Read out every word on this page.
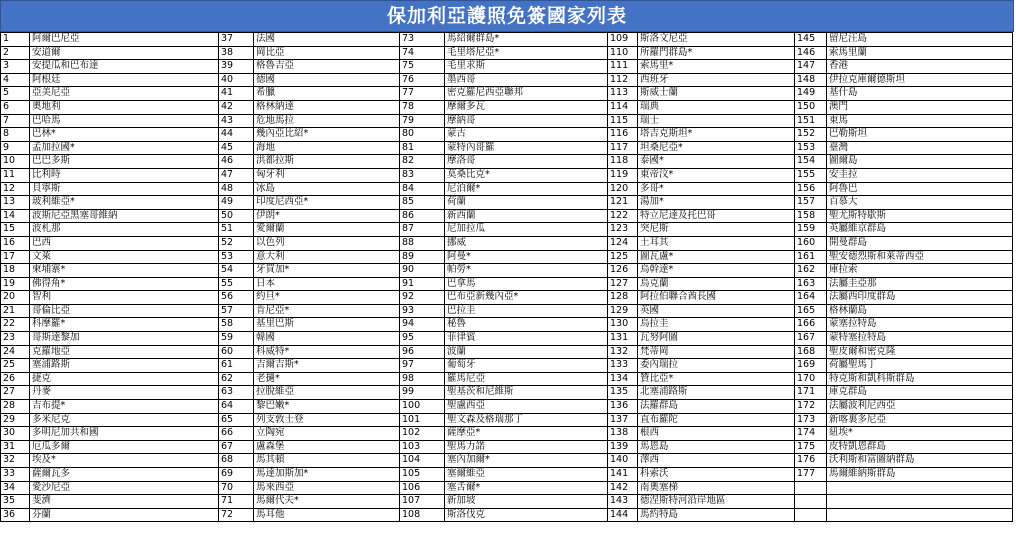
保加利亞護照免簽國家列表
1	阿爾巴尼亞	37	法國	73	馬紹爾群島*	109	斯洛文尼亞	145	留尼汪島
2	安道爾	38	岡比亞	74	毛里塔尼亞*	110	所羅門群島*	146	索馬里蘭
3	安提瓜和巴布達	39	格魯吉亞	75	毛里求斯	111	索馬里*	147	香港
4	阿根廷	40	德國	76	墨西哥	112	西班牙	148	伊拉克庫爾德斯坦
5	亞美尼亞	41	希臘	77	密克羅尼西亞聯邦	113	斯威士蘭	149	基什島
6	奧地利	42	格林納達	78	摩爾多瓦	114	瑞典	150	澳門
7	巴哈馬	43	危地馬拉	79	摩納哥	115	瑞士	151	東馬
8	巴林*	44	幾內亞比紹*	80	蒙古	116	塔吉克斯坦*	152	巴勒斯坦
9	孟加拉國*	45	海地	81	蒙特內哥羅	117	坦桑尼亞*	153	臺灣
10	巴巴多斯	46	洪都拉斯	82	摩洛哥	118	泰國*	154	圖爾島
11	比利時	47	匈牙利	83	莫桑比克*	119	東帝汶*	155	安圭拉
12	貝寧斯	48	冰島	84	尼泊爾*	120	多哥*	156	阿魯巴
13	玻利維亞*	49	印度尼西亞*	85	荷蘭	121	湯加*	157	百慕大
14	波斯尼亞黑塞哥維納	50	伊朗*	86	新西蘭	122	特立尼達及托巴哥	158	聖尤斯特歇斯
15	波札那	51	愛爾蘭	87	尼加拉瓜	123	突尼斯	159	英屬維京群島
16	巴西	52	以色列	88	挪威	124	土耳其	160	開曼群島
17	文萊	53	意大利	89	阿曼*	125	圖瓦盧*	161	聖安德烈斯和萊蒂西亞
18	柬埔寨*	54	牙買加*	90	帕勞*	126	烏幹達*	162	庫拉索
19	佛得角*	55	日本	91	巴拿馬	127	烏克蘭	163	法屬圭亞那
20	智利	56	約旦*	92	巴布亞新幾內亞*	128	阿拉伯聯合酋長國	164	法屬西印度群島
21	哥倫比亞	57	肯尼亞*	93	巴拉圭	129	英國	165	格林蘭島
22	科摩羅*	58	基里巴斯	94	秘魯	130	烏拉圭	166	蒙塞拉特島
23	哥斯達黎加	59	韓國	95	菲律賓	131	瓦努阿圖	167	蒙特塞拉特島
24	克羅地亞	60	科威特*	96	波蘭	132	梵蒂岡	168	聖皮爾和密克隆
25	塞浦路斯	61	吉爾吉斯*	97	葡萄牙	133	委內瑞拉	169	荷屬聖馬丁
26	捷克	62	老撾*	98	羅馬尼亞	134	贊比亞*	170	特克斯和凱科斯群島
27	丹麥	63	拉脫維亞	99	聖基茨和尼維斯	135	北塞浦路斯	171	庫克群島
28	吉布提*	64	黎巴嫩*	100	聖盧西亞	136	法羅群島	172	法屬波利尼西亞
29	多米尼克	65	列支敦士登	101	聖文森及格瑞那丁	137	直布羅陀	173	新喀裏多尼亞
30	多明尼加共和國	66	立陶宛	102	薩摩亞*	138	根西	174	紐埃*
31	厄瓜多爾	67	盧森堡	103	聖馬力諾	139	馬恩島	175	皮特凱恩群島
32	埃及*	68	馬其頓	104	塞內加爾*	140	澤西	176	沃利斯和富圖納群島
33	薩爾瓦多	69	馬達加斯加*	105	塞爾維亞	141	科索沃	177	馬爾維納斯群島
34	愛沙尼亞	70	馬來西亞	106	塞舌爾*	142	南奧塞梯		
35	斐濟	71	馬爾代夫*	107	新加坡	143	德涅斯特河沿岸地區		
36	芬蘭	72	馬耳他	108	斯洛伐克	144	馬約特島		
